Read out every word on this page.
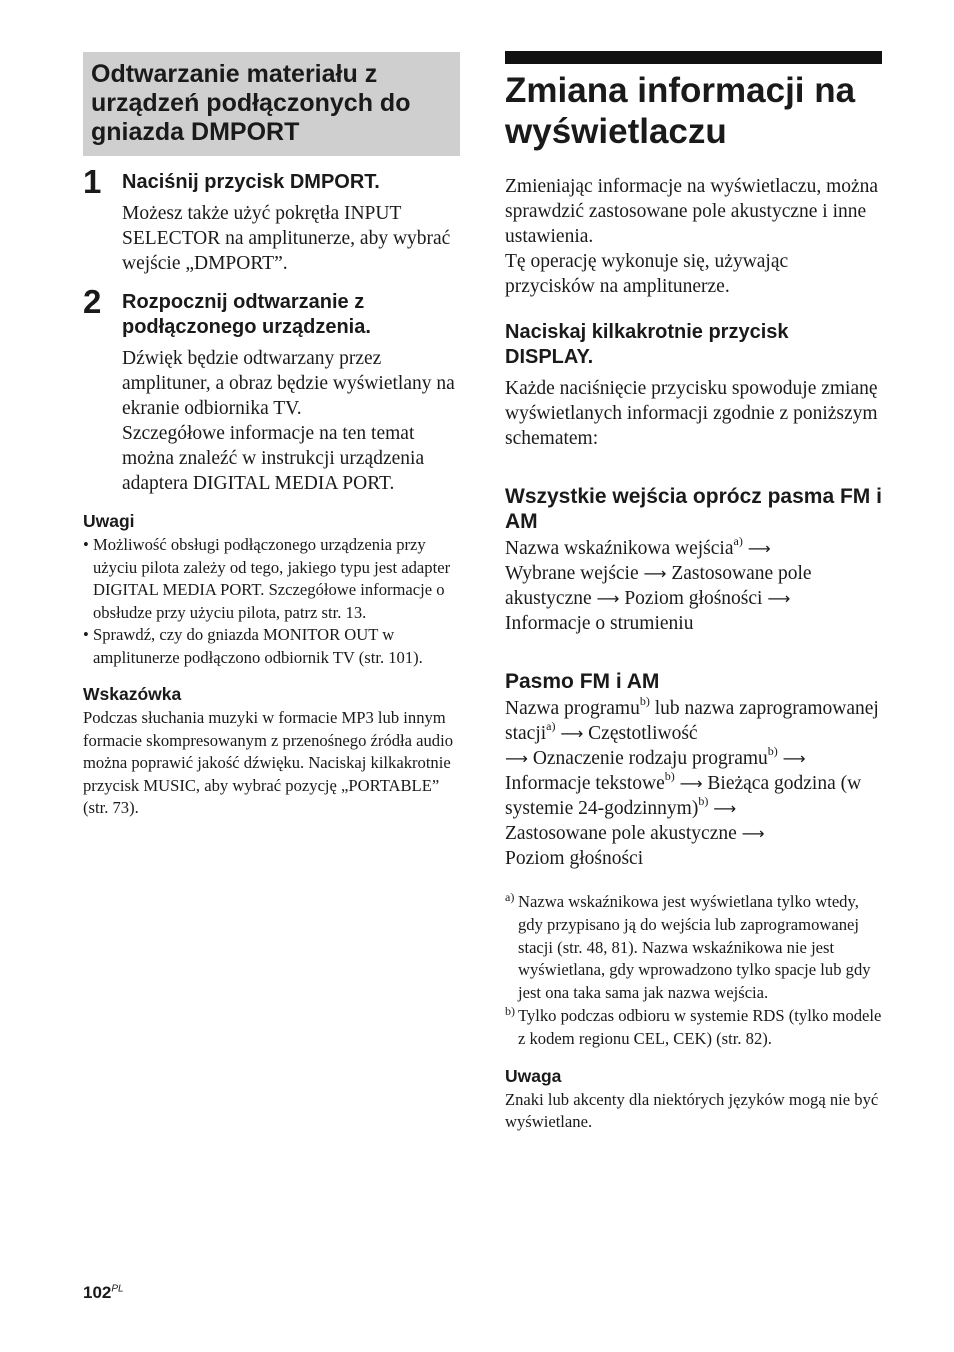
Odtwarzanie materiału z urządzeń podłączonych do gniazda DMPORT
1 Naciśnij przycisk DMPORT.

Możesz także użyć pokrętła INPUT SELECTOR na amplitunerze, aby wybrać wejście „DMPORT”.

2 Rozpocznij odtwarzanie z podłączonego urządzenia.

Dźwięk będzie odtwarzany przez amplituner, a obraz będzie wyświetlany na ekranie odbiornika TV.

Szczegółowe informacje na ten temat można znaleźć w instrukcji urządzenia adaptera DIGITAL MEDIA PORT.

Uwagi

• Możliwość obsługi podłączonego urządzenia przy użyciu pilota zależy od tego, jakiego typu jest adapter DIGITAL MEDIA PORT. Szczegółowe informacje o obsłudze przy użyciu pilota, patrz str. 13.
• Sprawdź, czy do gniazda MONITOR OUT w amplitunerze podłączono odbiornik TV (str. 101).

Wskazówka

Podczas słuchania muzyki w formacie MP3 lub innym formacie skompresowanym z przenośnego źródła audio można poprawić jakość dźwięku. Naciskaj kilkakrotnie przycisk MUSIC, aby wybrać pozycję „PORTABLE” (str. 73).

Zmiana informacji na wyświetlaczu

Zmieniając informacje na wyświetlaczu, można sprawdzić zastosowane pole akustyczne i inne ustawienia.

Tę operację wykonuje się, używając przycisków na amplitunerze.

Naciskaj kilkakrotnie przycisk DISPLAY.

Każde naciśnięcie przycisku spowoduje zmianę wyświetlanych informacji zgodnie z poniższym schematem:

Wszystkie wejścia oprócz pasma FM i AM

Nazwa wskaźnikowa wejścia$^{a)}$ ⟶
Wybrane wejście ⟶ Zastosowane pole akustyczne ⟶ Poziom głośności ⟶
Informacje o strumieniu

Pasmo FM i AM

Nazwa programu$^{b)}$ lub nazwa zaprogramowanej stacji$^{a)}$ ⟶ Częstotliwość
⟶ Oznaczenie rodzaju programu$^{b)}$ ⟶
Informacje tekstowe$^{b)}$ ⟶ Bieżąca godzina (w systemie 24-godzinnym)$^{b)}$ ⟶
Zastosowane pole akustyczne ⟶
Poziom głośności

a) Nazwa wskaźnikowa jest wyświetlana tylko wtedy, gdy przypisano ją do wejścia lub zaprogramowanej stacji (str. 48, 81). Nazwa wskaźnikowa nie jest wyświetlana, gdy wprowadzono tylko spacje lub gdy jest ona taka sama jak nazwa wejścia.

b) Tylko podczas odbioru w systemie RDS (tylko modele z kodem regionu CEL, CEK) (str. 82).

Uwaga

Znaki lub akcenty dla niektórych języków mogą nie być wyświetlane.

$102^{PL}$
